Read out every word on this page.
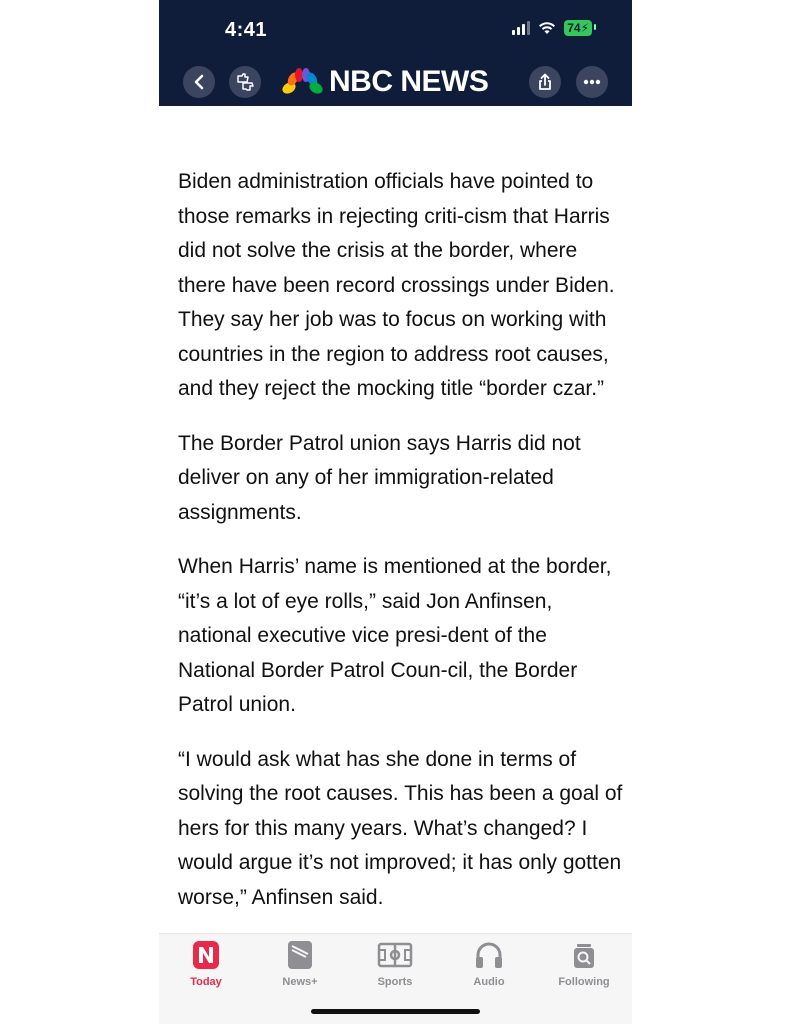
4:41	74⚡
NBC NEWS

Biden administration officials have pointed to those remarks in rejecting criti-cism that Harris did not solve the crisis at the border, where there have been record crossings under Biden. They say her job was to focus on working with countries in the region to address root causes, and they reject the mocking title “border czar.”

The Border Patrol union says Harris did not deliver on any of her immigration-related assignments.

When Harris’ name is mentioned at the border, “it’s a lot of eye rolls,” said Jon Anfinsen, national executive vice presi-dent of the National Border Patrol Coun-cil, the Border Patrol union.

“I would ask what has she done in terms of solving the root causes. This has been a goal of hers for this many years. What’s changed? I would argue it’s not improved; it has only gotten worse,” Anfinsen said.

Today	News+	Sports	Audio	Following
